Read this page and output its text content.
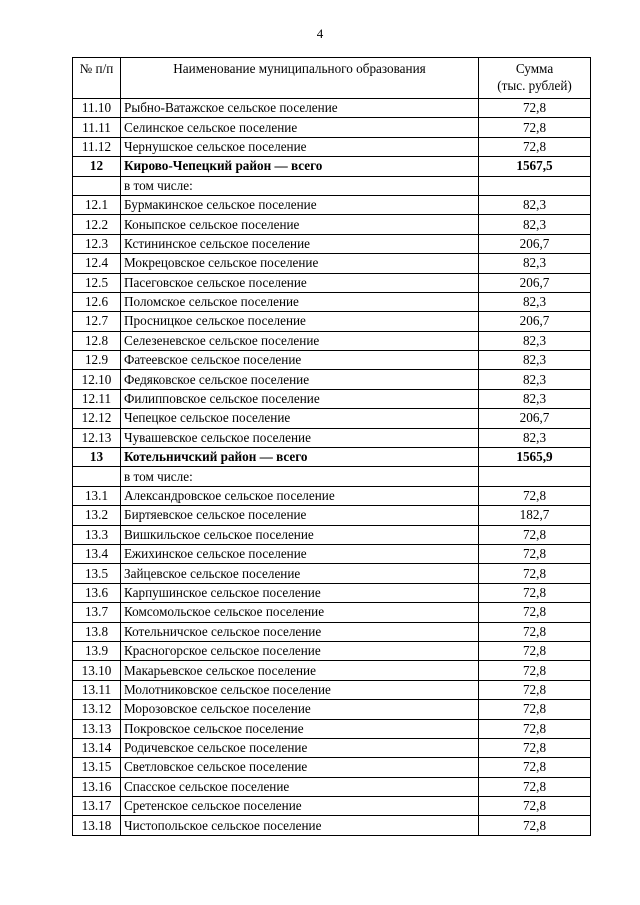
4
№ п/п	Наименование муниципального образования	Сумма
(тыс. рублей)

11.10	Рыбно-Ватажское сельское поселение	72,8
11.11	Селинское сельское поселение	72,8
11.12	Чернушское сельское поселение	72,8
12	Кирово-Чепецкий район — всего	1567,5
	в том числе:	
12.1	Бурмакинское сельское поселение	82,3
12.2	Коныпское сельское поселение	82,3
12.3	Кстининское сельское поселение	206,7
12.4	Мокрецовское сельское поселение	82,3
12.5	Пасеговское сельское поселение	206,7
12.6	Поломское сельское поселение	82,3
12.7	Просницкое сельское поселение	206,7
12.8	Селезеневское сельское поселение	82,3
12.9	Фатеевское сельское поселение	82,3
12.10	Федяковское сельское поселение	82,3
12.11	Филипповское сельское поселение	82,3
12.12	Чепецкое сельское поселение	206,7
12.13	Чувашевское сельское поселение	82,3
13	Котельничский район — всего	1565,9
	в том числе:	
13.1	Александровское сельское поселение	72,8
13.2	Биртяевское сельское поселение	182,7
13.3	Вишкильское сельское поселение	72,8
13.4	Ежихинское сельское поселение	72,8
13.5	Зайцевское сельское поселение	72,8
13.6	Карпушинское сельское поселение	72,8
13.7	Комсомольское сельское поселение	72,8
13.8	Котельничское сельское поселение	72,8
13.9	Красногорское сельское поселение	72,8
13.10	Макарьевское сельское поселение	72,8
13.11	Молотниковское сельское поселение	72,8
13.12	Морозовское сельское поселение	72,8
13.13	Покровское сельское поселение	72,8
13.14	Родичевское сельское поселение	72,8
13.15	Светловское сельское поселение	72,8
13.16	Спасское сельское поселение	72,8
13.17	Сретенское сельское поселение	72,8
13.18	Чистопольское сельское поселение	72,8
